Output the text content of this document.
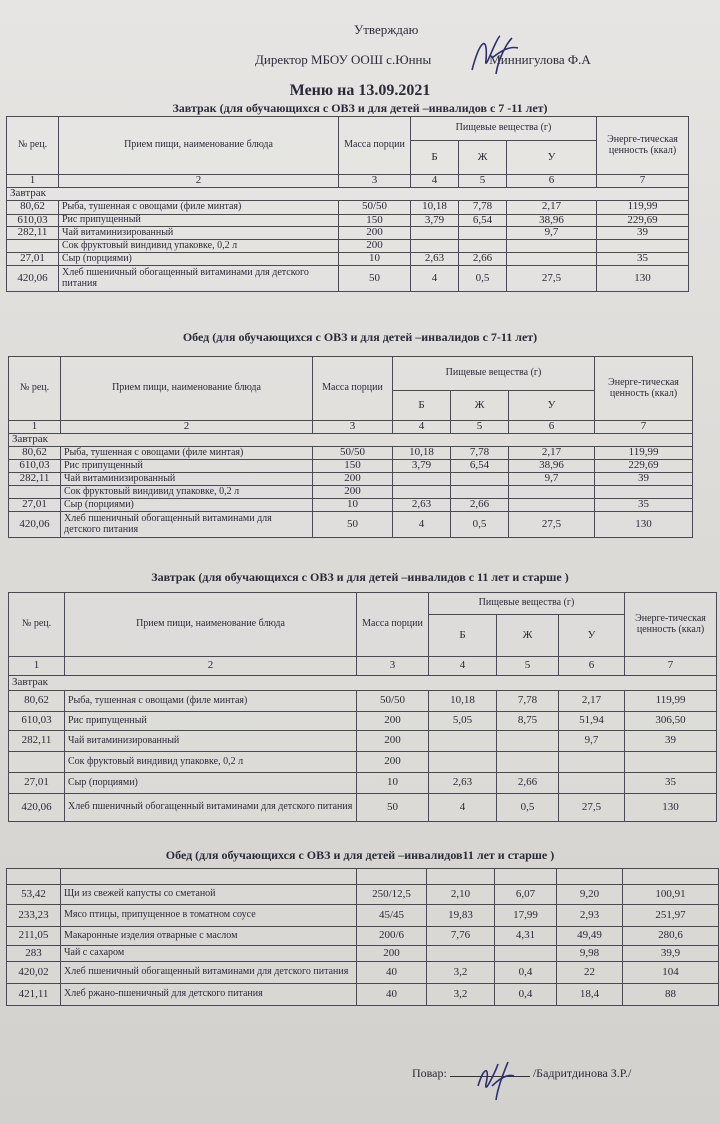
Утверждаю
Директор МБОУ ООШ с.Юнны	Миннигулова Ф.А
Меню на 13.09.2021
Завтрак (для обучающихся с ОВЗ и для детей –инвалидов с 7 -11 лет)
№ рец.	Прием пищи, наименование блюда	Масса порции	Пищевые вещества (г)			Энерге-тическая ценность (ккал)
			Б	Ж	У	
1	2	3	4	5	6	7
Завтрак						
80,62	Рыба, тушенная с овощами (филе минтая)	50/50	10,18	7,78	2,17	119,99
610,03	Рис припущенный	150	3,79	6,54	38,96	229,69
282,11	Чай витаминизированный	200			9,7	39
	Сок фруктовый виндивид упаковке, 0,2 л	200				
27,01	Сыр (порциями)	10	2,63	2,66		35
420,06	Хлеб пшеничный обогащенный витаминами для детского питания	50	4	0,5	27,5	130
Обед (для обучающихся с ОВЗ и для детей –инвалидов с 7-11 лет)
№ рец.	Прием пищи, наименование блюда	Масса порции	Пищевые вещества (г)			Энерге-тическая ценность (ккал)
			Б	Ж	У	
1	2	3	4	5	6	7
Завтрак						
80,62	Рыба, тушенная с овощами (филе минтая)	50/50	10,18	7,78	2,17	119,99
610,03	Рис припущенный	150	3,79	6,54	38,96	229,69
282,11	Чай витаминизированный	200			9,7	39
	Сок фруктовый виндивид упаковке, 0,2 л	200				
27,01	Сыр (порциями)	10	2,63	2,66		35
420,06	Хлеб пшеничный обогащенный витаминами для детского питания	50	4	0,5	27,5	130
Завтрак (для обучающихся с ОВЗ и для детей –инвалидов с 11 лет и старше )
№ рец.	Прием пищи, наименование блюда	Масса порции	Пищевые вещества (г)			Энерге-тическая ценность (ккал)
			Б	Ж	У	
1	2	3	4	5	6	7
Завтрак						
80,62	Рыба, тушенная с овощами (филе минтая)	50/50	10,18	7,78	2,17	119,99
610,03	Рис припущенный	200	5,05	8,75	51,94	306,50
282,11	Чай витаминизированный	200			9,7	39
	Сок фруктовый виндивид упаковке, 0,2 л	200				
27,01	Сыр (порциями)	10	2,63	2,66		35
420,06	Хлеб пшеничный обогащенный витаминами для детского питания	50	4	0,5	27,5	130
Обед (для обучающихся с ОВЗ и для детей –инвалидов11 лет и старше )

53,42	Щи из свежей капусты со сметаной	250/12,5	2,10	6,07	9,20	100,91
233,23	Мясо птицы, припущенное в томатном соусе	45/45	19,83	17,99	2,93	251,97
211,05	Макаронные изделия отварные с маслом	200/6	7,76	4,31	49,49	280,6
283	Чай с сахаром	200			9,98	39,9
420,02	Хлеб пшеничный обогащенный витаминами для детского питания	40	3,2	0,4	22	104
421,11	Хлеб ржано-пшеничный для детского питания	40	3,2	0,4	18,4	88
Повар:	/Бадритдинова З.Р./
